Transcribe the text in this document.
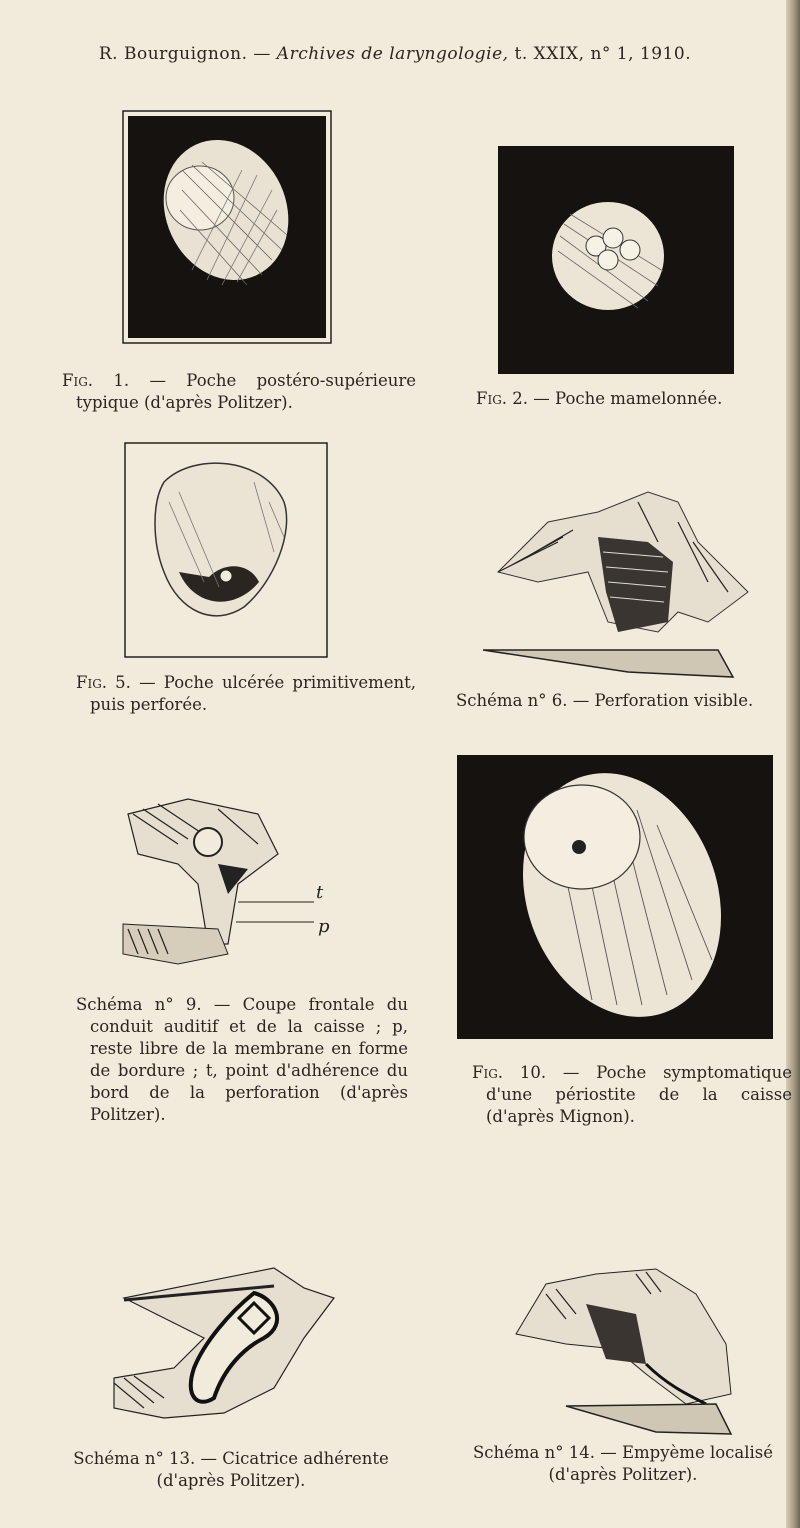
R. Bourguignon. — Archives de laryngologie, t. XXIX, n° 1, 1910.
Fig. 1. — Poche postéro-supérieure typique (d'après Politzer).	Fig. 2. — Poche mamelonnée.
Fig. 5. — Poche ulcérée primitivement, puis perforée.	Schéma n° 6. — Perforation visible.
t
p
Schéma n° 9. — Coupe frontale du conduit auditif et de la caisse ; p, reste libre de la membrane en forme de bordure ; t, point d'adhérence du bord de la perforation (d'après Politzer).
Fig. 10. — Poche symptomatique d'une périostite de la caisse (d'après Mignon).
Schéma n° 13. — Cicatrice adhérente (d'après Politzer).
Schéma n° 14. — Empyème localisé (d'après Politzer).
